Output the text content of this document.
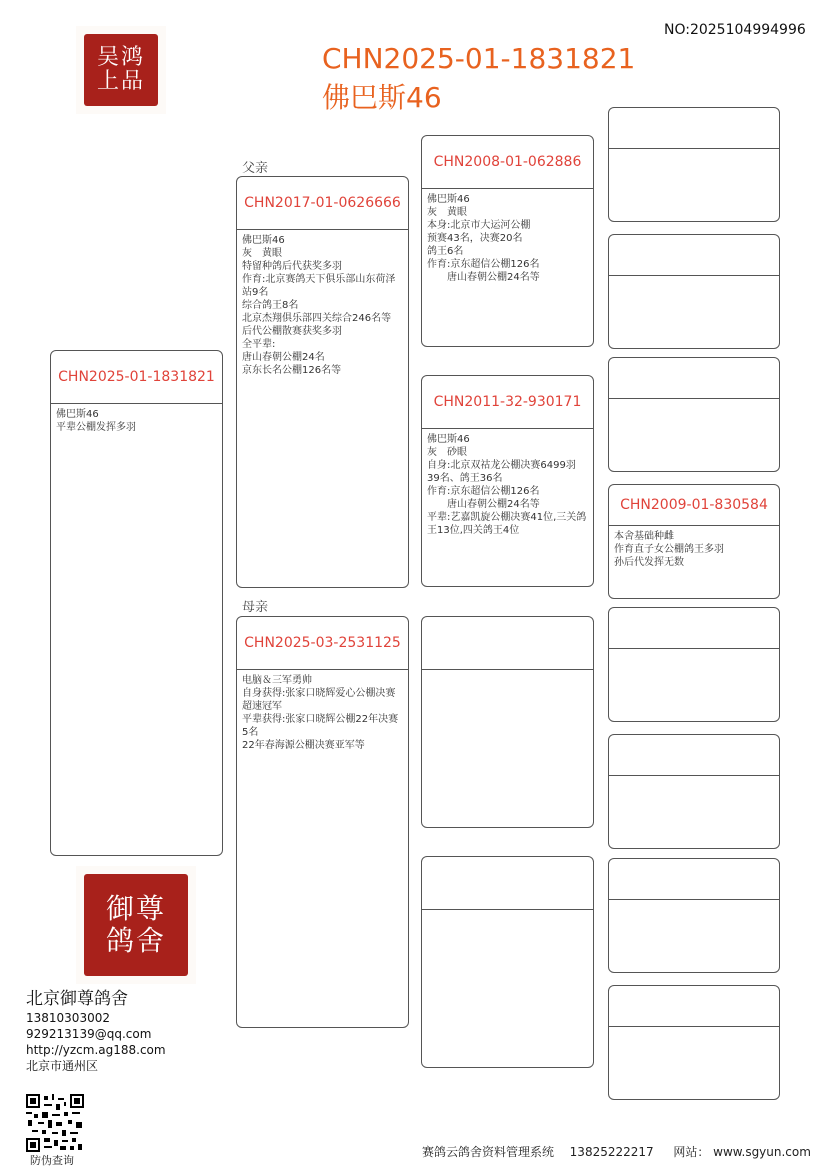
NO:2025104994996
CHN2025-01-1831821
佛巴斯46
吴鸿
上品
父亲
母亲
CHN2025-01-1831821
佛巴斯46
平辈公棚发挥多羽
CHN2017-01-0626666
佛巴斯46
灰　黄眼
特留种鸽后代获奖多羽
作育:北京赛鸽天下俱乐部山东荷泽站9名
综合鸽王8名
北京杰翔俱乐部四关综合246名等
后代公棚散赛获奖多羽
全平辈:
唐山春朝公棚24名
京东长名公棚126名等
CHN2025-03-2531125
电脑＆三军勇帅
自身获得:张家口晓辉爱心公棚决赛超速冠军
平辈获得:张家口晓辉公棚22年决赛5名
22年春海源公棚决赛亚军等
CHN2008-01-062886
佛巴斯46
灰　黄眼
本身:北京市大运河公棚
预赛43名，决赛20名
鸽王6名
作育:京东超信公棚126名
　　唐山春朝公棚24名等
CHN2011-32-930171
佛巴斯46
灰　砂眼
自身:北京双祜龙公棚决赛6499羽39名、鸽王36名
作育:京东超信公棚126名
　　唐山春朝公棚24名等
平辈:艺嘉凯旋公棚决赛41位,三关鸽王13位,四关鸽王4位
CHN2009-01-830584
本舍基础种雌
作育直子女公棚鸽王多羽
孙后代发挥无数
御尊
鸽舍
北京御尊鸽舍
13810303002
929213139@qq.com
http://yzcm.ag188.com
北京市通州区
防伪查询
赛鸽云鸽舍资料管理系统 13825222217 网站： www.sgyun.com
